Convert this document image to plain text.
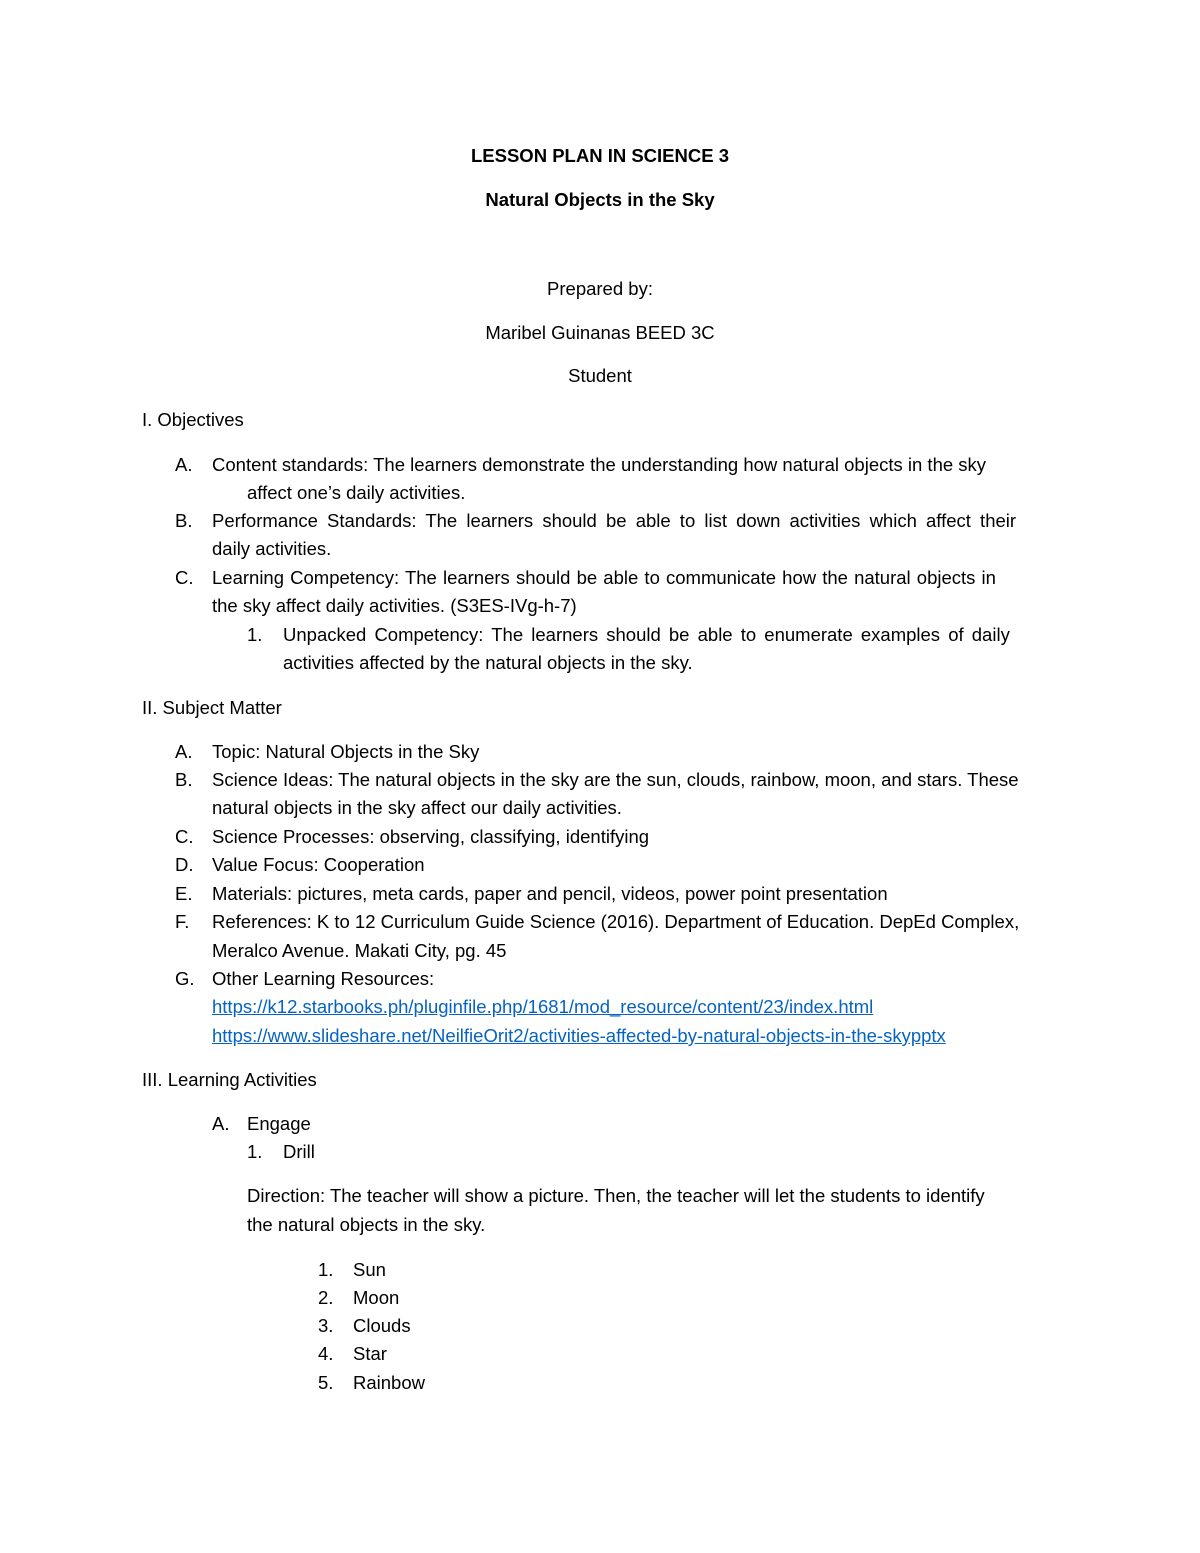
LESSON PLAN IN SCIENCE 3
Natural Objects in the Sky
Prepared by:
Maribel Guinanas BEED 3C
Student
I. Objectives
A. Content standards: The learners demonstrate the understanding how natural objects in the sky
affect one’s daily activities.
B. Performance Standards: The learners should be able to list down activities which affect their
daily activities.
C. Learning Competency: The learners should be able to communicate how the natural objects in
the sky affect daily activities. (S3ES-IVg-h-7)
1. Unpacked Competency: The learners should be able to enumerate examples of daily
activities affected by the natural objects in the sky.
II. Subject Matter
A. Topic: Natural Objects in the Sky
B. Science Ideas: The natural objects in the sky are the sun, clouds, rainbow, moon, and stars. These
natural objects in the sky affect our daily activities.
C. Science Processes: observing, classifying, identifying
D. Value Focus: Cooperation
E. Materials: pictures, meta cards, paper and pencil, videos, power point presentation
F. References: K to 12 Curriculum Guide Science (2016). Department of Education. DepEd Complex,
Meralco Avenue. Makati City, pg. 45
G. Other Learning Resources:
https://k12.starbooks.ph/pluginfile.php/1681/mod_resource/content/23/index.html
https://www.slideshare.net/NeilfieOrit2/activities-affected-by-natural-objects-in-the-skypptx
III. Learning Activities
A. Engage
1. Drill
Direction: The teacher will show a picture. Then, the teacher will let the students to identify
the natural objects in the sky.
1. Sun
2. Moon
3. Clouds
4. Star
5. Rainbow
